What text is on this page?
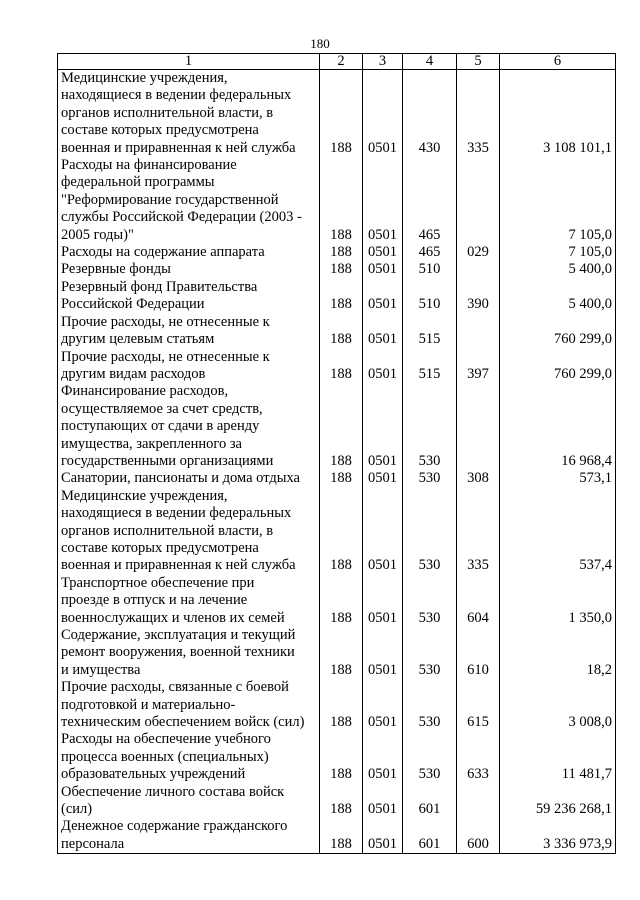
180
1	2	3	4	5	6
Медицинские учреждения,
находящиеся в ведении федеральных
органов исполнительной власти, в
составе которых предусмотрена
военная и приравненная к ней служба	188	0501	430	335	3 108 101,1
Расходы на финансирование
федеральной программы
"Реформирование государственной
службы Российской Федерации (2003 -
2005 годы)"	188	0501	465		7 105,0
Расходы на содержание аппарата	188	0501	465	029	7 105,0
Резервные фонды	188	0501	510		5 400,0
Резервный фонд Правительства
Российской Федерации	188	0501	510	390	5 400,0
Прочие расходы, не отнесенные к
другим целевым статьям	188	0501	515		760 299,0
Прочие расходы, не отнесенные к
другим видам расходов	188	0501	515	397	760 299,0
Финансирование расходов,
осуществляемое за счет средств,
поступающих от сдачи в аренду
имущества, закрепленного за
государственными организациями	188	0501	530		16 968,4
Санатории, пансионаты и дома отдыха	188	0501	530	308	573,1
Медицинские учреждения,
находящиеся в ведении федеральных
органов исполнительной власти, в
составе которых предусмотрена
военная и приравненная к ней служба	188	0501	530	335	537,4
Транспортное обеспечение при
проезде в отпуск и на лечение
военнослужащих и членов их семей	188	0501	530	604	1 350,0
Содержание, эксплуатация и текущий
ремонт вооружения, военной техники
и имущества	188	0501	530	610	18,2
Прочие расходы, связанные с боевой
подготовкой и материально-
техническим обеспечением войск (сил)	188	0501	530	615	3 008,0
Расходы на обеспечение учебного
процесса военных (специальных)
образовательных учреждений	188	0501	530	633	11 481,7
Обеспечение личного состава войск
(сил)	188	0501	601		59 236 268,1
Денежное содержание гражданского
персонала	188	0501	601	600	3 336 973,9
